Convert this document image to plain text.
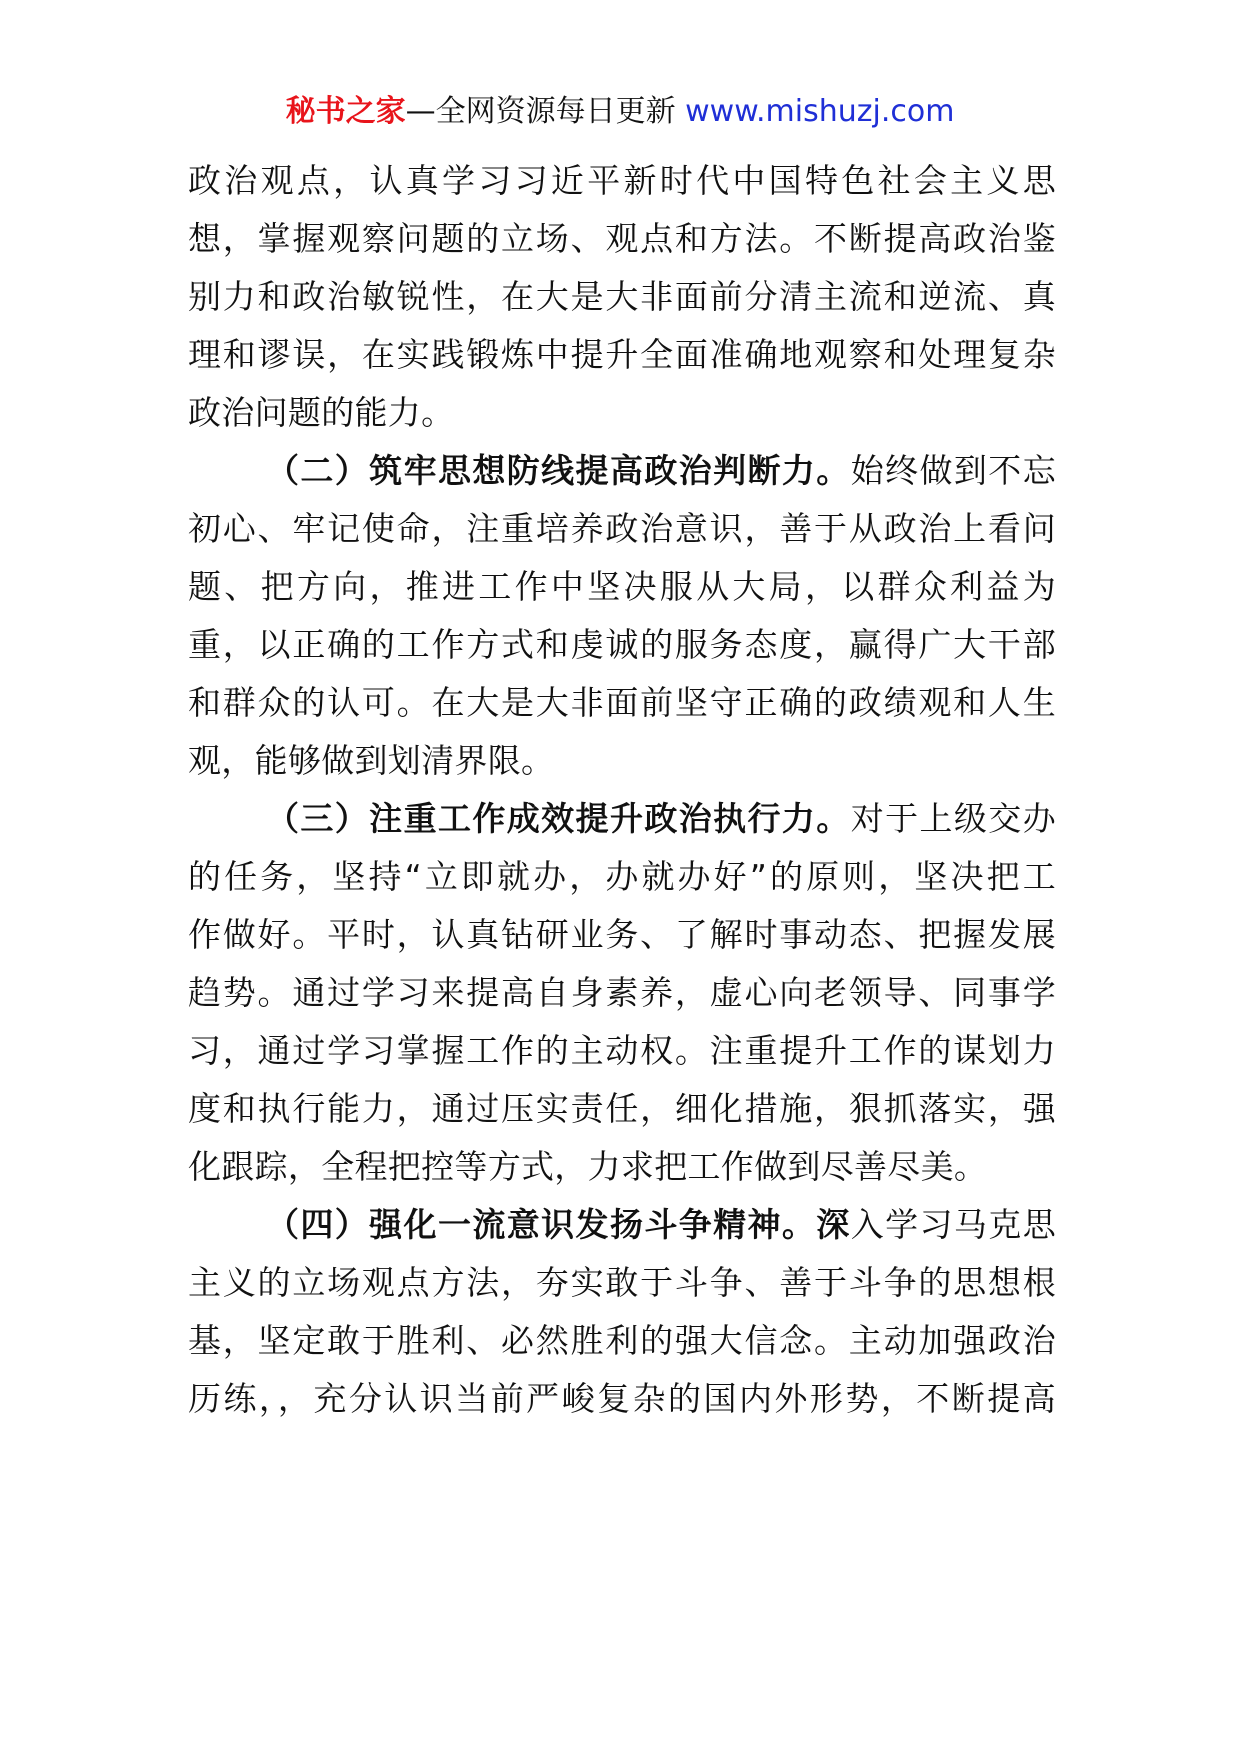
秘书之家—全网资源每日更新 www.mishuzj.com
政治观点，认真学习习近平新时代中国特色社会主义思
想，掌握观察问题的立场、观点和方法。不断提高政治鉴
别力和政治敏锐性，在大是大非面前分清主流和逆流、真
理和谬误，在实践锻炼中提升全面准确地观察和处理复杂
政治问题的能力。
（二）筑牢思想防线提高政治判断力。始终做到不忘
初心、牢记使命，注重培养政治意识，善于从政治上看问
题、把方向，推进工作中坚决服从大局，以群众利益为
重，以正确的工作方式和虔诚的服务态度，赢得广大干部
和群众的认可。在大是大非面前坚守正确的政绩观和人生
观，能够做到划清界限。
（三）注重工作成效提升政治执行力。对于上级交办
的任务，坚持“立即就办，办就办好”的原则，坚决把工
作做好。平时，认真钻研业务、了解时事动态、把握发展
趋势。通过学习来提高自身素养，虚心向老领导、同事学
习，通过学习掌握工作的主动权。注重提升工作的谋划力
度和执行能力，通过压实责任，细化措施，狠抓落实，强
化跟踪，全程把控等方式，力求把工作做到尽善尽美。
（四）强化一流意识发扬斗争精神。深入学习马克思
主义的立场观点方法，夯实敢于斗争、善于斗争的思想根
基，坚定敢于胜利、必然胜利的强大信念。主动加强政治
历练，，充分认识当前严峻复杂的国内外形势，不断提高
